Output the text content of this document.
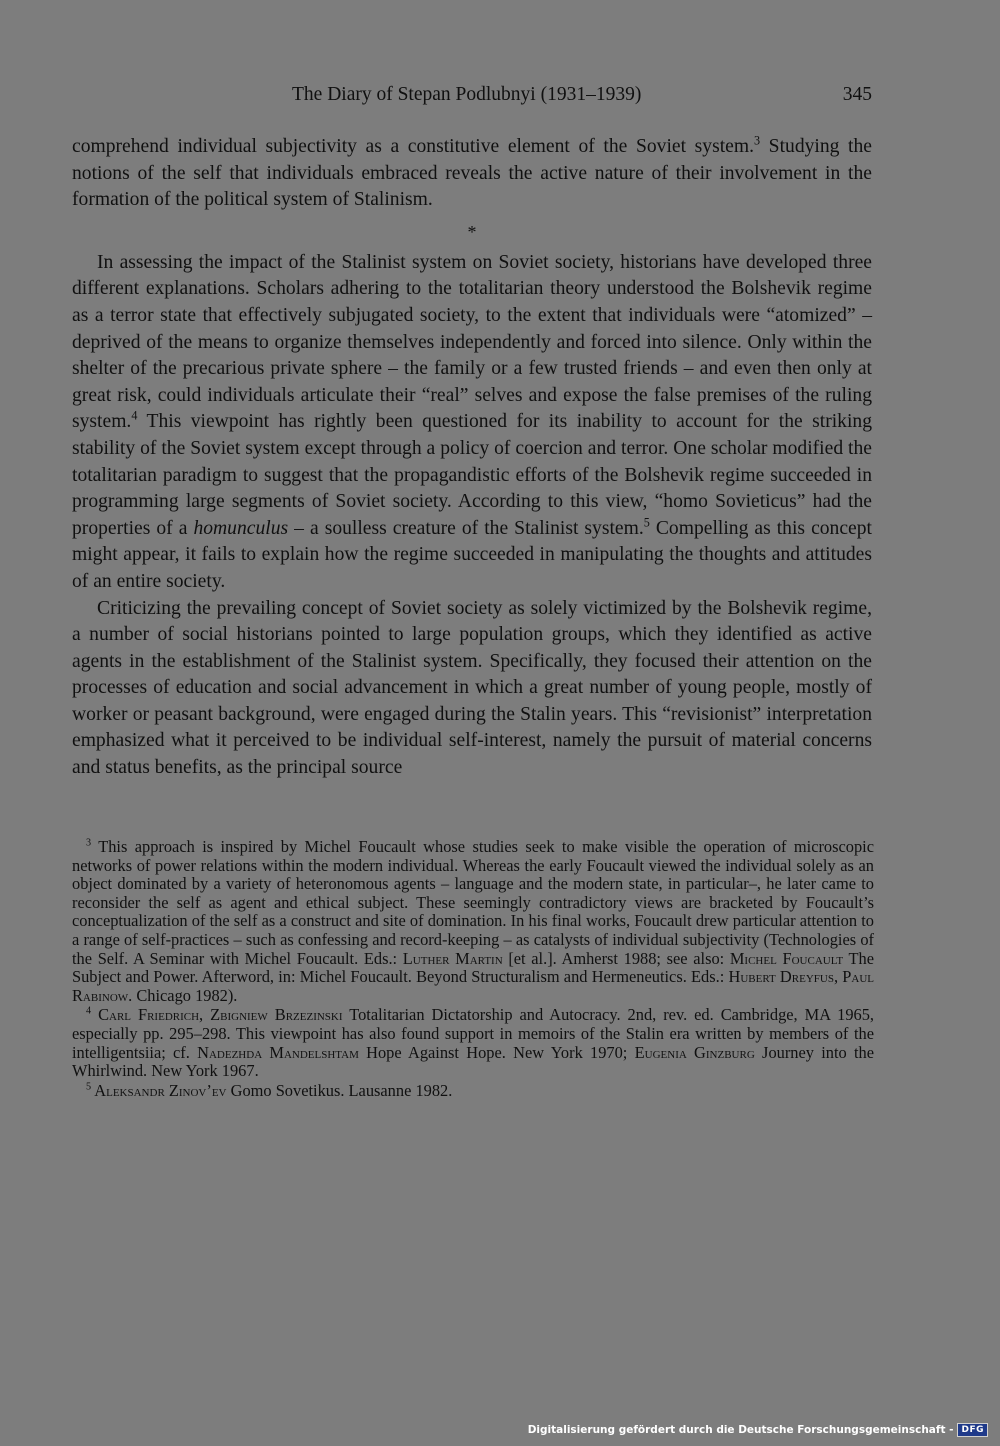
The Diary of Stepan Podlubnyi (1931–1939)	345

comprehend individual subjectivity as a constitutive element of the Soviet system.$^3$ Studying the notions of the self that individuals embraced reveals the active nature of their involvement in the formation of the political system of Stalinism.

*

In assessing the impact of the Stalinist system on Soviet society, historians have developed three different explanations. Scholars adhering to the totalitarian theory understood the Bolshevik regime as a terror state that effectively subjugated society, to the extent that individuals were “atomized” – deprived of the means to organize themselves independently and forced into silence. Only within the shelter of the precarious private sphere – the family or a few trusted friends – and even then only at great risk, could individuals articulate their “real” selves and expose the false premises of the ruling system.$^4$ This viewpoint has rightly been questioned for its inability to account for the striking stability of the Soviet system except through a policy of coercion and terror. One scholar modified the totalitarian paradigm to suggest that the propagandistic efforts of the Bolshevik regime succeeded in programming large segments of Soviet society. According to this view, “homo Sovieticus” had the properties of a homunculus – a soulless creature of the Stalinist system.$^5$ Compelling as this concept might appear, it fails to explain how the regime succeeded in manipulating the thoughts and attitudes of an entire society.

Criticizing the prevailing concept of Soviet society as solely victimized by the Bolshevik regime, a number of social historians pointed to large population groups, which they identified as active agents in the establishment of the Stalinist system. Specifically, they focused their attention on the processes of education and social advancement in which a great number of young people, mostly of worker or peasant background, were engaged during the Stalin years. This “revisionist” interpretation emphasized what it perceived to be individual self-interest, namely the pursuit of material concerns and status benefits, as the principal source

$^3$ This approach is inspired by Michel Foucault whose studies seek to make visible the operation of microscopic networks of power relations within the modern individual. Whereas the early Foucault viewed the individual solely as an object dominated by a variety of heteronomous agents – language and the modern state, in particular–, he later came to reconsider the self as agent and ethical subject. These seemingly contradictory views are bracketed by Foucault’s conceptualization of the self as a construct and site of domination. In his final works, Foucault drew particular attention to a range of self-practices – such as confessing and record-keeping – as catalysts of individual subjectivity (Technologies of the Self. A Seminar with Michel Foucault. Eds.: Luther Martin [et al.]. Amherst 1988; see also: Michel Foucault The Subject and Power. Afterword, in: Michel Foucault. Beyond Structuralism and Hermeneutics. Eds.: Hubert Dreyfus, Paul Rabinow. Chicago 1982).

$^4$ Carl Friedrich, Zbigniew Brzezinski Totalitarian Dictatorship and Autocracy. 2nd, rev. ed. Cambridge, MA 1965, especially pp. 295–298. This viewpoint has also found support in memoirs of the Stalin era written by members of the intelligentsiia; cf. Nadezhda Mandelshtam Hope Against Hope. New York 1970; Eugenia Ginzburg Journey into the Whirlwind. New York 1967.

$^5$ Aleksandr Zinov’ev Gomo Sovetikus. Lausanne 1982.

Digitalisierung gefördert durch die Deutsche Forschungsgemeinschaft - DFG
